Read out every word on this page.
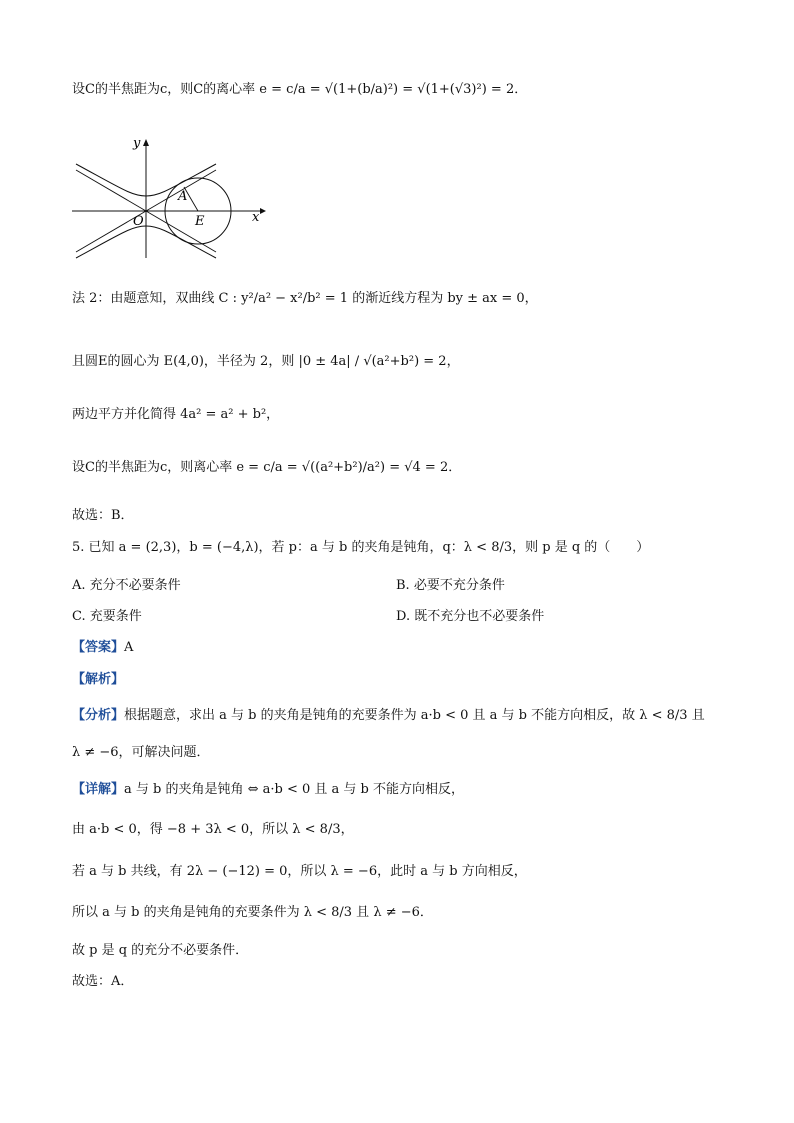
设C的半焦距为c，则C的离心率 e = c/a = √(1+(b/a)²) = √(1+(√3)²) = 2．
y
x
O
A
E
法 2：由题意知，双曲线 C : y²/a² − x²/b² = 1 的渐近线方程为 by ± ax = 0，
且圆E的圆心为 E(4,0)，半径为 2，则 |0 ± 4a| / √(a²+b²) = 2，
两边平方并化简得 4a² = a² + b²，
设C的半焦距为c，则离心率 e = c/a = √((a²+b²)/a²) = √4 = 2．
故选：B．
5. 已知 a = (2,3)，b = (−4,λ)，若 p：a 与 b 的夹角是钝角，q：λ < 8/3，则 p 是 q 的（　　）
A. 充分不必要条件	B. 必要不充分条件
C. 充要条件	D. 既不充分也不必要条件
【答案】A
【解析】
【分析】根据题意，求出 a 与 b 的夹角是钝角的充要条件为 a·b < 0 且 a 与 b 不能方向相反，故 λ < 8/3 且
λ ≠ −6，可解决问题．
【详解】a 与 b 的夹角是钝角 ⇔ a·b < 0 且 a 与 b 不能方向相反，
由 a·b < 0，得 −8 + 3λ < 0，所以 λ < 8/3，
若 a 与 b 共线，有 2λ − (−12) = 0，所以 λ = −6，此时 a 与 b 方向相反，
所以 a 与 b 的夹角是钝角的充要条件为 λ < 8/3 且 λ ≠ −6．
故 p 是 q 的充分不必要条件．
故选：A．
